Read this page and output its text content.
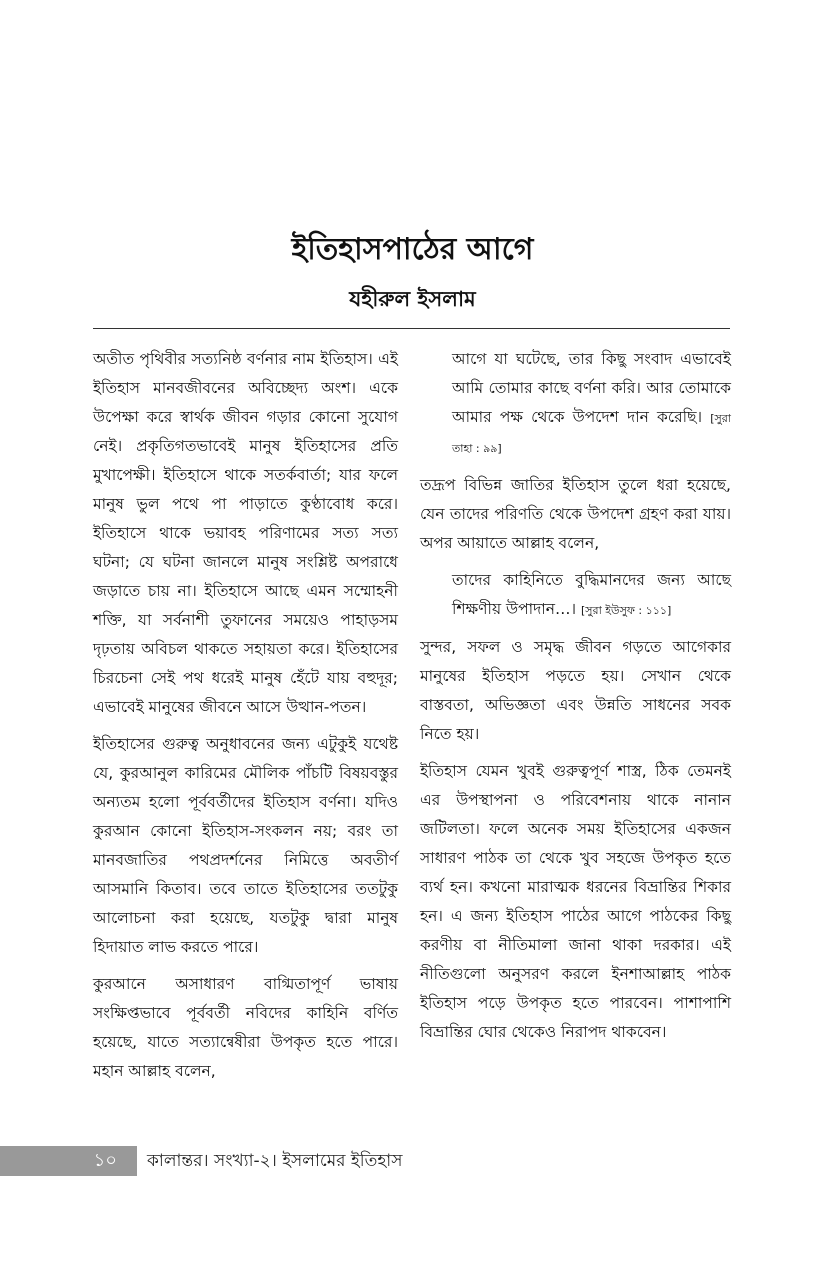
ইতিহাসপাঠের আগে
যহীরুল ইসলাম

অতীত পৃথিবীর সত্যনিষ্ঠ বর্ণনার নাম ইতিহাস। এই ইতিহাস মানবজীবনের অবিচ্ছেদ্য অংশ। একে উপেক্ষা করে স্বার্থক জীবন গড়ার কোনো সুযোগ নেই। প্রকৃতিগতভাবেই মানুষ ইতিহাসের প্রতি মুখাপেক্ষী। ইতিহাসে থাকে সতর্কবার্তা; যার ফলে মানুষ ভুল পথে পা পাড়াতে কুণ্ঠাবোধ করে। ইতিহাসে থাকে ভয়াবহ পরিণামের সত্য সত্য ঘটনা; যে ঘটনা জানলে মানুষ সংশ্লিষ্ট অপরাধে জড়াতে চায় না। ইতিহাসে আছে এমন সম্মোহনী শক্তি, যা সর্বনাশী তুফানের সময়েও পাহাড়সম দৃঢ়তায় অবিচল থাকতে সহায়তা করে। ইতিহাসের চিরচেনা সেই পথ ধরেই মানুষ হেঁটে যায় বহুদূর; এভাবেই মানুষের জীবনে আসে উত্থান-পতন।

ইতিহাসের গুরুত্ব অনুধাবনের জন্য এটুকুই যথেষ্ট যে, কুরআনুল কারিমের মৌলিক পাঁচটি বিষয়বস্তুর অন্যতম হলো পূর্ববর্তীদের ইতিহাস বর্ণনা। যদিও কুরআন কোনো ইতিহাস-সংকলন নয়; বরং তা মানবজাতির পথপ্রদর্শনের নিমিত্তে অবতীর্ণ আসমানি কিতাব। তবে তাতে ইতিহাসের ততটুকু আলোচনা করা হয়েছে, যতটুকু দ্বারা মানুষ হিদায়াত লাভ করতে পারে।

কুরআনে অসাধারণ বাগ্মিতাপূর্ণ ভাষায় সংক্ষিপ্তভাবে পূর্ববর্তী নবিদের কাহিনি বর্ণিত হয়েছে, যাতে সত্যান্বেষীরা উপকৃত হতে পারে। মহান আল্লাহ বলেন,

আগে যা ঘটেছে, তার কিছু সংবাদ এভাবেই আমি তোমার কাছে বর্ণনা করি। আর তোমাকে আমার পক্ষ থেকে উপদেশ দান করেছি। [সুরা তাহা : ৯৯]

তদ্রূপ বিভিন্ন জাতির ইতিহাস তুলে ধরা হয়েছে, যেন তাদের পরিণতি থেকে উপদেশ গ্রহণ করা যায়। অপর আয়াতে আল্লাহ বলেন,

তাদের কাহিনিতে বুদ্ধিমানদের জন্য আছে শিক্ষণীয় উপাদান…। [সুরা ইউসুফ : ১১১]

সুন্দর, সফল ও সমৃদ্ধ জীবন গড়তে আগেকার মানুষের ইতিহাস পড়তে হয়। সেখান থেকে বাস্তবতা, অভিজ্ঞতা এবং উন্নতি সাধনের সবক নিতে হয়।

ইতিহাস যেমন খুবই গুরুত্বপূর্ণ শাস্ত্র, ঠিক তেমনই এর উপস্থাপনা ও পরিবেশনায় থাকে নানান জটিলতা। ফলে অনেক সময় ইতিহাসের একজন সাধারণ পাঠক তা থেকে খুব সহজে উপকৃত হতে ব্যর্থ হন। কখনো মারাত্মক ধরনের বিভ্রান্তির শিকার হন। এ জন্য ইতিহাস পাঠের আগে পাঠকের কিছু করণীয় বা নীতিমালা জানা থাকা দরকার। এই নীতিগুলো অনুসরণ করলে ইনশাআল্লাহ পাঠক ইতিহাস পড়ে উপকৃত হতে পারবেন। পাশাপাশি বিভ্রান্তির ঘোর থেকেও নিরাপদ থাকবেন।

১০	কালান্তর। সংখ্যা-২। ইসলামের ইতিহাস
